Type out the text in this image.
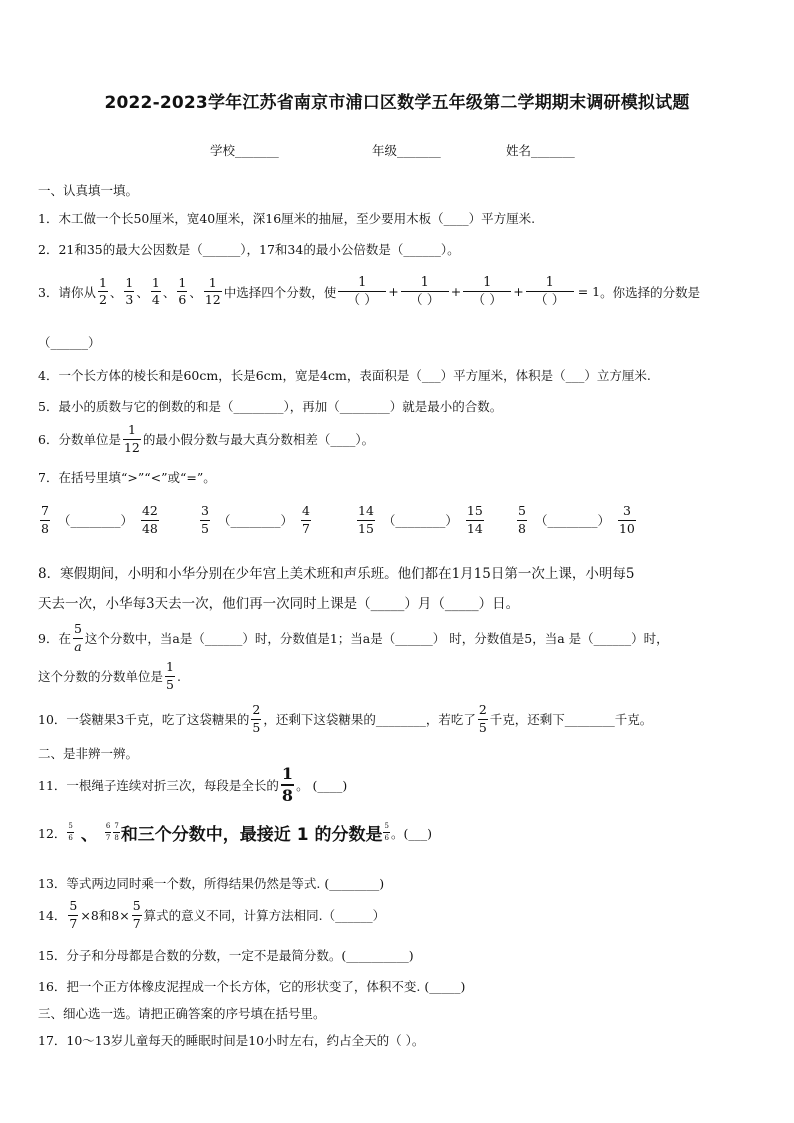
2022-2023学年江苏省南京市浦口区数学五年级第二学期期末调研模拟试题
学校_______	年级_______	姓名_______
一、认真填一填。
1．木工做一个长50厘米，宽40厘米，深16厘米的抽屉，至少要用木板（____）平方厘米.
2．21和35的最大公因数是（______），17和34的最小公倍数是（______）。
3．请你从 $\frac{1}{2}$ 、 $\frac{1}{3}$ 、 $\frac{1}{4}$ 、 $\frac{1}{6}$ 、 $\frac{1}{12}$ 中选择四个分数，使 $\frac{1}{( )} + \frac{1}{( )} + \frac{1}{( )} + \frac{1}{( )} = 1$ 。你选择的分数是
（______）
4．一个长方体的棱长和是60cm，长是6cm，宽是4cm，表面积是（___）平方厘米，体积是（___）立方厘米.
5．最小的质数与它的倒数的和是（________），再加（________）就是最小的合数。
6．分数单位是 $\frac{1}{12}$ 的最小假分数与最大真分数相差（____）。
7．在括号里填“>”“<”或“=”。
$\frac{7}{8}$ （________） $\frac{42}{48}$	$\frac{3}{5}$ （________） $\frac{4}{7}$	$\frac{14}{15}$ （________） $\frac{15}{14}$	$\frac{5}{8}$ （________） $\frac{3}{10}$
8．寒假期间，小明和小华分别在少年宫上美术班和声乐班。他们都在1月15日第一次上课，小明每5
天去一次，小华每3天去一次，他们再一次同时上课是（_____）月（_____）日。
9．在 $\frac{5}{a}$ 这个分数中，当a是（______）时，分数值是1；当a是（______） 时，分数值是5，当a 是（______）时，
这个分数的分数单位是 $\frac{1}{5}$ .
10．一袋糖果3千克，吃了这袋糖果的 $\frac{2}{5}$ ，还剩下这袋糖果的________，若吃了 $\frac{2}{5}$ 千克，还剩下________千克。
二、是非辨一辨。
11．一根绳子连续对折三次，每段是全长的 $\frac{1}{8}$ 。 (____)
12． $\frac{5}{6}$ 、 $\frac{6}{7} \frac{7}{8}$ 和三个分数中，最接近 1 的分数是 $\frac{5}{6}$ 。(___)
13．等式两边同时乘一个数，所得结果仍然是等式. (________)
14． $\frac{5}{7} \times 8$和$8\times \frac{5}{7}$ 算式的意义不同，计算方法相同.（______）
15．分子和分母都是合数的分数，一定不是最简分数。(__________)
16．把一个正方体橡皮泥捏成一个长方体，它的形状变了，体积不变. (_____)
三、细心选一选。请把正确答案的序号填在括号里。
17．10～13岁儿童每天的睡眠时间是10小时左右，约占全天的（ ）。
